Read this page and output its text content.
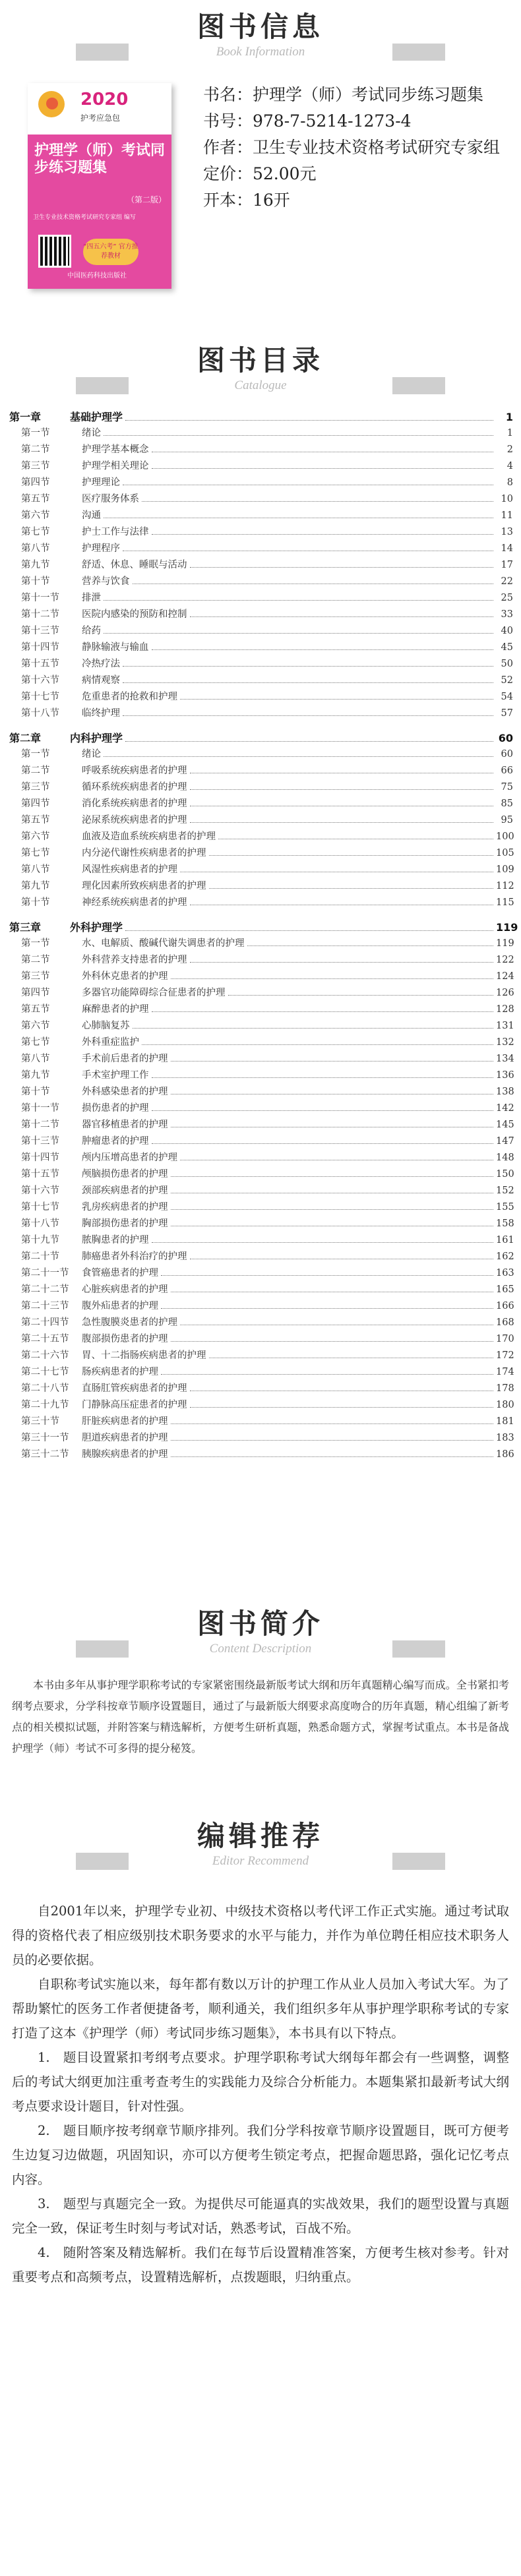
图书信息
Book Information
2020
护考应急包
护理学（师）考试同步练习题集
卫生专业技术资格考试研究专家组 编写
（第二版）
“四五六考” 官方推荐教材
中国医药科技出版社
书名：护理学（师）考试同步练习题集
书号：978-7-5214-1273-4
作者：卫生专业技术资格考试研究专家组
定价：52.00元
开本：16开
图书目录
Catalogue
第一章	基础护理学	1
第一节	绪论	1
第二节	护理学基本概念	2
第三节	护理学相关理论	4
第四节	护理理论	8
第五节	医疗服务体系	10
第六节	沟通	11
第七节	护士工作与法律	13
第八节	护理程序	14
第九节	舒适、休息、睡眠与活动	17
第十节	营养与饮食	22
第十一节	排泄	25
第十二节	医院内感染的预防和控制	33
第十三节	给药	40
第十四节	静脉输液与输血	45
第十五节	冷热疗法	50
第十六节	病情观察	52
第十七节	危重患者的抢救和护理	54
第十八节	临终护理	57
第二章	内科护理学	60
第一节	绪论	60
第二节	呼吸系统疾病患者的护理	66
第三节	循环系统疾病患者的护理	75
第四节	消化系统疾病患者的护理	85
第五节	泌尿系统疾病患者的护理	95
第六节	血液及造血系统疾病患者的护理	100
第七节	内分泌代谢性疾病患者的护理	105
第八节	风湿性疾病患者的护理	109
第九节	理化因素所致疾病患者的护理	112
第十节	神经系统疾病患者的护理	115
第三章	外科护理学	119
第一节	水、电解质、酸碱代谢失调患者的护理	119
第二节	外科营养支持患者的护理	122
第三节	外科休克患者的护理	124
第四节	多器官功能障碍综合征患者的护理	126
第五节	麻醉患者的护理	128
第六节	心肺脑复苏	131
第七节	外科重症监护	132
第八节	手术前后患者的护理	134
第九节	手术室护理工作	136
第十节	外科感染患者的护理	138
第十一节	损伤患者的护理	142
第十二节	器官移植患者的护理	145
第十三节	肿瘤患者的护理	147
第十四节	颅内压增高患者的护理	148
第十五节	颅脑损伤患者的护理	150
第十六节	颈部疾病患者的护理	152
第十七节	乳房疾病患者的护理	155
第十八节	胸部损伤患者的护理	158
第十九节	脓胸患者的护理	161
第二十节	肺癌患者外科治疗的护理	162
第二十一节	食管癌患者的护理	163
第二十二节	心脏疾病患者的护理	165
第二十三节	腹外疝患者的护理	166
第二十四节	急性腹膜炎患者的护理	168
第二十五节	腹部损伤患者的护理	170
第二十六节	胃、十二指肠疾病患者的护理	172
第二十七节	肠疾病患者的护理	174
第二十八节	直肠肛管疾病患者的护理	178
第二十九节	门静脉高压症患者的护理	180
第三十节	肝脏疾病患者的护理	181
第三十一节	胆道疾病患者的护理	183
第三十二节	胰腺疾病患者的护理	186
图书简介
Content Description
本书由多年从事护理学职称考试的专家紧密围绕最新版考试大纲和历年真题精心编写而成。全书紧扣考纲考点要求，分学科按章节顺序设置题目，通过了与最新版大纲要求高度吻合的历年真题，精心组编了新考点的相关模拟试题，并附答案与精选解析，方便考生研析真题，熟悉命题方式，掌握考试重点。本书是备战护理学（师）考试不可多得的提分秘笈。
编辑推荐
Editor Recommend

自2001年以来，护理学专业初、中级技术资格以考代评工作正式实施。通过考试取得的资格代表了相应级别技术职务要求的水平与能力，并作为单位聘任相应技术职务人员的必要依据。

自职称考试实施以来，每年都有数以万计的护理工作从业人员加入考试大军。为了帮助繁忙的医务工作者便捷备考，顺利通关，我们组织多年从事护理学职称考试的专家打造了这本《护理学（师）考试同步练习题集》，本书具有以下特点。

1.　题目设置紧扣考纲考点要求。护理学职称考试大纲每年都会有一些调整，调整后的考试大纲更加注重考查考生的实践能力及综合分析能力。本题集紧扣最新考试大纲考点要求设计题目，针对性强。

2.　题目顺序按考纲章节顺序排列。我们分学科按章节顺序设置题目，既可方便考生边复习边做题，巩固知识，亦可以方便考生锁定考点，把握命题思路，强化记忆考点内容。

3.　题型与真题完全一致。为提供尽可能逼真的实战效果，我们的题型设置与真题完全一致，保证考生时刻与考试对话，熟悉考试，百战不殆。

4.　随附答案及精选解析。我们在每节后设置精准答案，方便考生核对参考。针对重要考点和高频考点，设置精选解析，点拨题眼，归纳重点。
